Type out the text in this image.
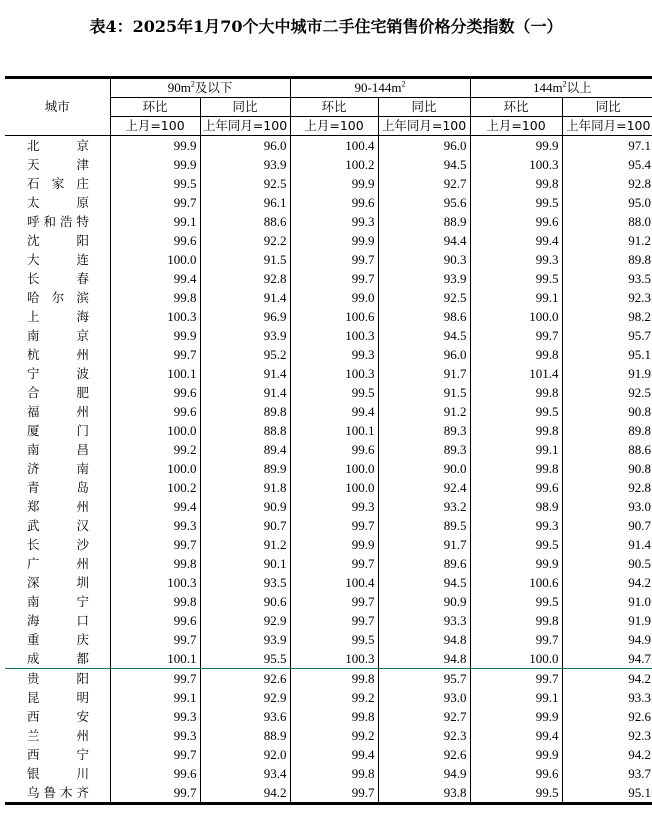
表4：2025年1月70个大中城市二手住宅销售价格分类指数（一）
城市	$90m^2$及以下		$90-144m^2$		$144m^2$以上	
	环比	同比	环比	同比	环比	同比
	上月=100	上年同月=100	上月=100	上年同月=100	上月=100	上年同月=100

北 京	99.9	96.0	100.4	96.0	99.9	97.1

天 津	99.9	93.9	100.2	94.5	100.3	95.4

石 家 庄	99.5	92.5	99.9	92.7	99.8	92.8

太 原	99.7	96.1	99.6	95.6	99.5	95.0
呼和浩特	99.1	88.6	99.3	88.9	99.6	88.0

沈 阳	99.6	92.2	99.9	94.4	99.4	91.2

大 连	100.0	91.5	99.7	90.3	99.3	89.8

长 春	99.4	92.8	99.7	93.9	99.5	93.5

哈 尔 滨	99.8	91.4	99.0	92.5	99.1	92.3

上 海	100.3	96.9	100.6	98.6	100.0	98.2

南 京	99.9	93.9	100.3	94.5	99.7	95.7

杭 州	99.7	95.2	99.3	96.0	99.8	95.1

宁 波	100.1	91.4	100.3	91.7	101.4	91.9

合 肥	99.6	91.4	99.5	91.5	99.8	92.5

福 州	99.6	89.8	99.4	91.2	99.5	90.8

厦 门	100.0	88.8	100.1	89.3	99.8	89.8

南 昌	99.2	89.4	99.6	89.3	99.1	88.6

济 南	100.0	89.9	100.0	90.0	99.8	90.8

青 岛	100.2	91.8	100.0	92.4	99.6	92.8

郑 州	99.4	90.9	99.3	93.2	98.9	93.0

武 汉	99.3	90.7	99.7	89.5	99.3	90.7

长 沙	99.7	91.2	99.9	91.7	99.5	91.4

广 州	99.8	90.1	99.7	89.6	99.9	90.5

深 圳	100.3	93.5	100.4	94.5	100.6	94.2

南 宁	99.8	90.6	99.7	90.9	99.5	91.0

海 口	99.6	92.9	99.7	93.3	99.8	91.9

重 庆	99.7	93.9	99.5	94.8	99.7	94.9

成 都	100.1	95.5	100.3	94.8	100.0	94.7

贵 阳	99.7	92.6	99.8	95.7	99.7	94.2

昆 明	99.1	92.9	99.2	93.0	99.1	93.3

西 安	99.3	93.6	99.8	92.7	99.9	92.6

兰 州	99.3	88.9	99.2	92.3	99.4	92.3

西 宁	99.7	92.0	99.4	92.6	99.9	94.2

银 川	99.6	93.4	99.8	94.9	99.6	93.7
乌鲁木齐	99.7	94.2	99.7	93.8	99.5	95.1
